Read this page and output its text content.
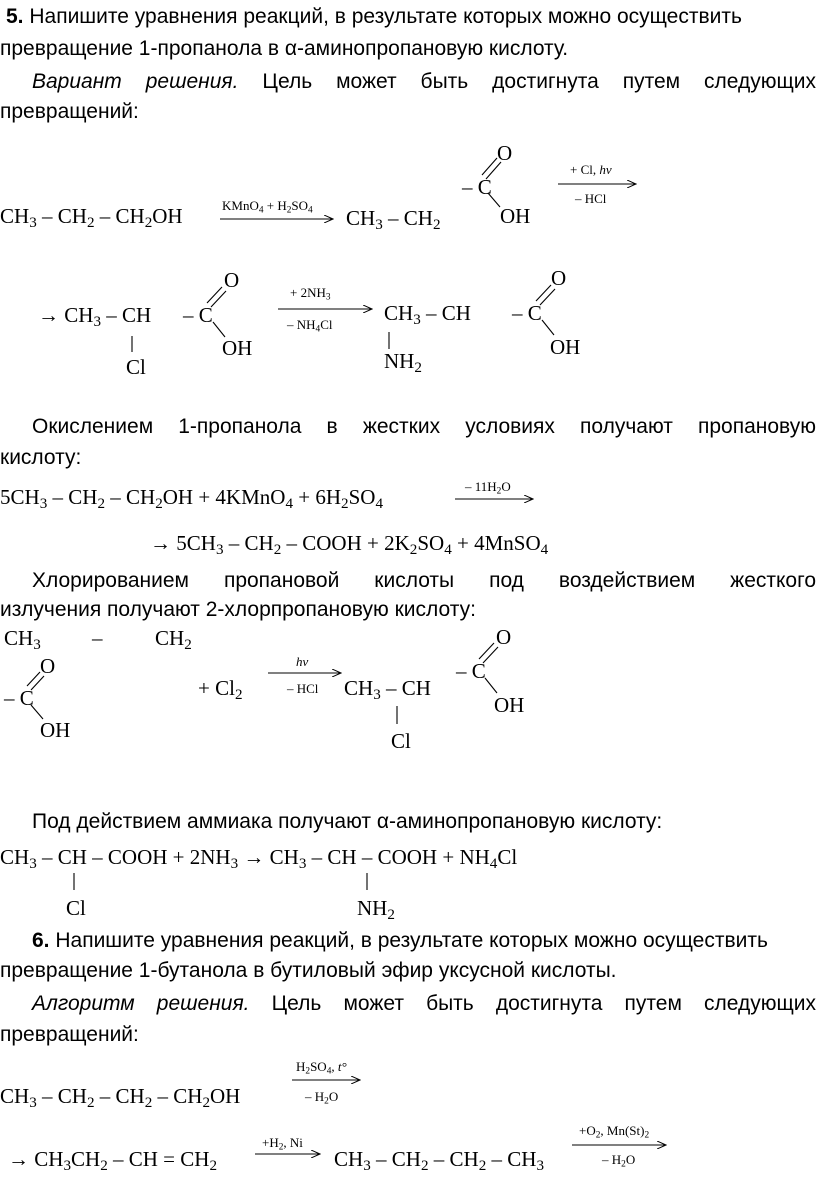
5. Напишите уравнения реакций, в результате которых можно осуществить
превращение 1-пропанола в α-аминопропановую кислоту.
Вариант решения. Цель может быть достигнута путем следующих
превращений:
$CH_3 - CH_2 - CH_2OH$	KMnO$_4$ + $H_2SO_4$ $CH_3 - CH_2$
O
– C
OH
+ Cl, hν
– HCl
→ $CH_3$ – CH – C
O
OH
Cl
+ $2NH_3$
– $NH_4Cl$ $CH_3$ – CH – C
O
OH
$NH_2$
Окислением 1-пропанола в жестких условиях получают пропановую
кислоту:
$5CH_3 - CH_2 - CH_2OH$ + 4KMnO$_4$ + $6H_2SO_4$
– $11H_2O$
→ $5CH_3 - CH_2$ – COOH + $2K_2SO_4$ + 4MnSO$_4$
Хлорированием пропановой кислоты под воздействием жесткого
излучения получают 2-хлорпропановую кислоту:
$CH_3$ –	$CH_2$
O
– C
OH
+ $Cl_2$
hν
– HCl $CH_3$ – CH
– C
O
OH
Cl
Под действием аммиака получают α-аминопропановую кислоту:
$CH_3$ – CH – COOH + $2NH_3 \to CH_3$ – CH – COOH + $NH_4Cl$
Cl	$NH_2$
6. Напишите уравнения реакций, в результате которых можно осуществить
превращение 1-бутанола в бутиловый эфир уксусной кислоты.
Алгоритм решения. Цель может быть достигнута путем следующих
превращений:
$CH_3 - CH_2 - CH_2 - CH_2OH$
$H_2SO_4$, t°
– $H_2O$
→ $CH_3CH_2$ – CH = $CH_2$
$+H_2$, Ni
$CH_3 - CH_2 - CH_2 - CH_3$
$+O_2$, $Mn(St)_2$
– $H_2O$
